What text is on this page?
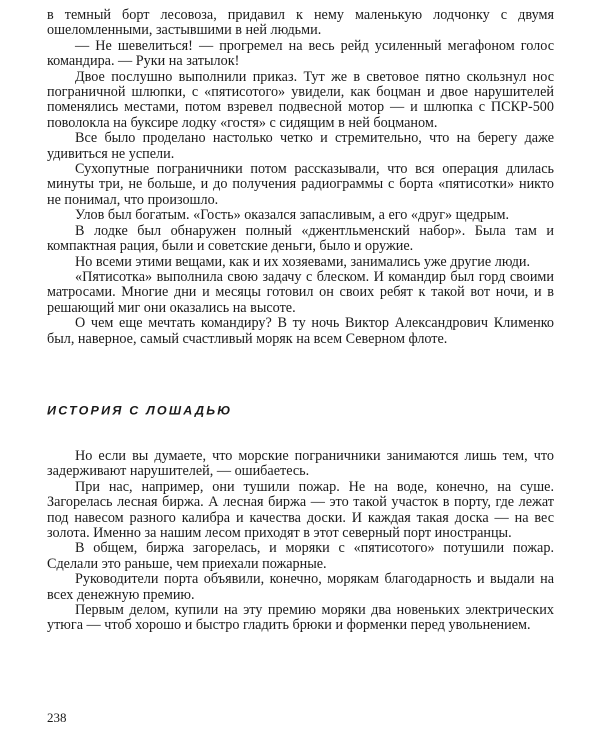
в темный борт лесовоза, придавил к нему маленькую лодчонку с двумя ошеломленными, застывшими в ней людьми.

— Не шевелиться! — прогремел на весь рейд усиленный мегафоном голос командира. — Руки на затылок!

Двое послушно выполнили приказ. Тут же в световое пятно скользнул нос пограничной шлюпки, с «пятисотого» увидели, как боцман и двое нарушителей поменялись местами, потом взревел подвесной мотор — и шлюпка с ПСКР-500 поволокла на буксире лодку «гостя» с сидящим в ней боцманом.

Все было проделано настолько четко и стремительно, что на берегу даже удивиться не успели.

Сухопутные пограничники потом рассказывали, что вся операция длилась минуты три, не больше, и до получения радиограммы с борта «пятисотки» никто не понимал, что произошло.

Улов был богатым. «Гость» оказался запасливым, а его «друг» щедрым.

В лодке был обнаружен полный «джентльменский набор». Была там и компактная рация, были и советские деньги, было и оружие.

Но всеми этими вещами, как и их хозяевами, занимались уже другие люди.

«Пятисотка» выполнила свою задачу с блеском. И командир был горд своими матросами. Многие дни и месяцы готовил он своих ребят к такой вот ночи, и в решающий миг они оказались на высоте.

О чем еще мечтать командиру? В ту ночь Виктор Александрович Клименко был, наверное, самый счастливый моряк на всем Северном флоте.

ИСТОРИЯ С ЛОШАДЬЮ

Но если вы думаете, что морские пограничники занимаются лишь тем, что задерживают нарушителей, — ошибаетесь.

При нас, например, они тушили пожар. Не на воде, конечно, на суше. Загорелась лесная биржа. А лесная биржа — это такой участок в порту, где лежат под навесом разного калибра и качества доски. И каждая такая доска — на вес золота. Именно за нашим лесом приходят в этот северный порт иностранцы.

В общем, биржа загорелась, и моряки с «пятисотого» потушили пожар. Сделали это раньше, чем приехали пожарные.

Руководители порта объявили, конечно, морякам благодарность и выдали на всех денежную премию.

Первым делом, купили на эту премию моряки два новеньких электрических утюга — чтоб хорошо и быстро гладить брюки и форменки перед увольнением.

238
